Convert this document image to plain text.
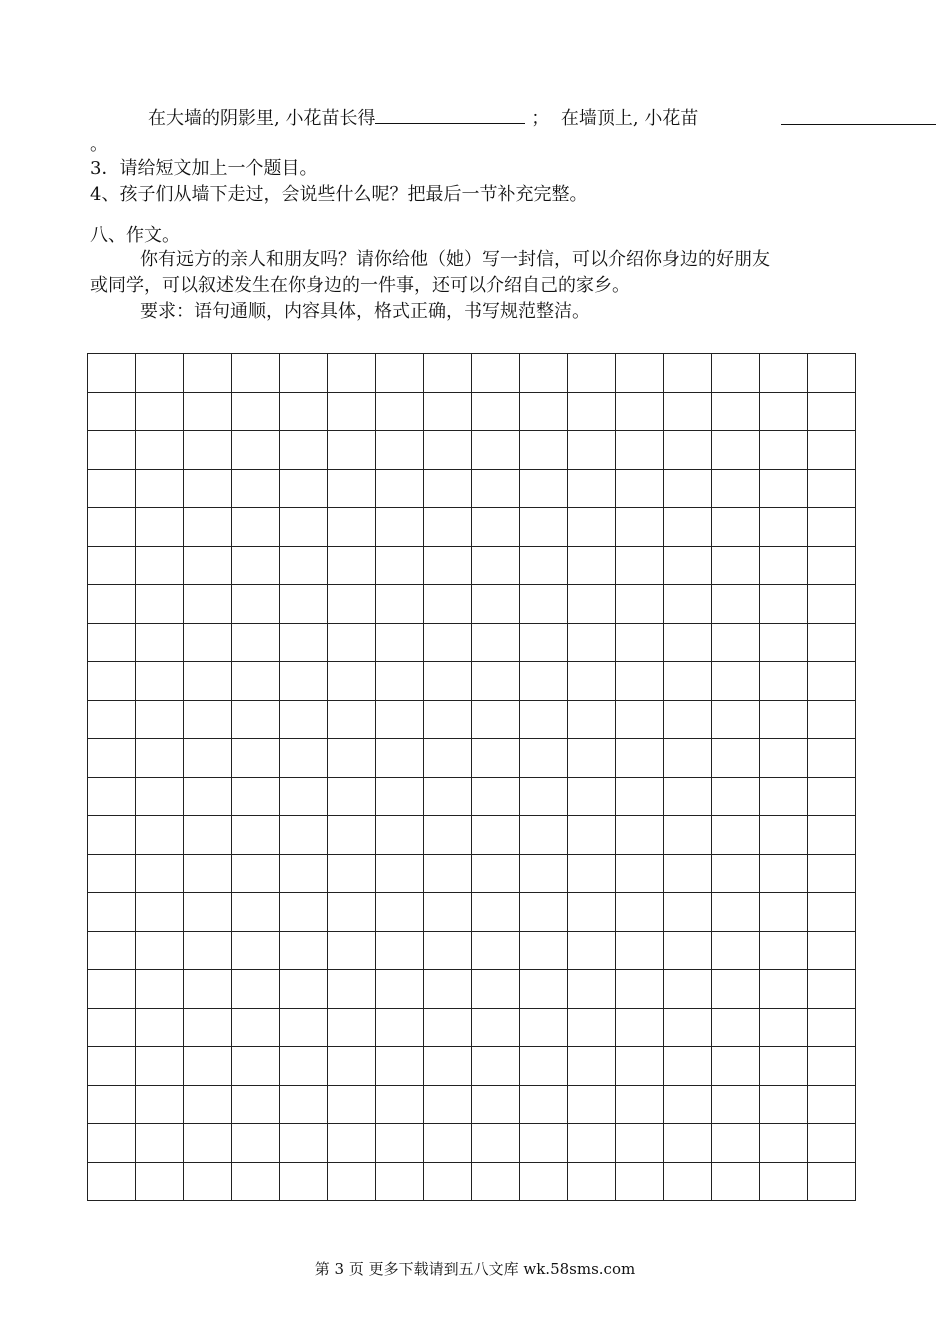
在大墙的阴影里, 小花苗长得	； 在墙顶上, 小花苗
。
3．请给短文加上一个题目。
4、孩子们从墙下走过，会说些什么呢？把最后一节补充完整。
八、作文。
你有远方的亲人和朋友吗？请你给他（她）写一封信，可以介绍你身边的好朋友
或同学，可以叙述发生在你身边的一件事，还可以介绍自己的家乡。
要求：语句通顺，内容具体，格式正确，书写规范整洁。
第 3 页 更多下载请到五八文库 wk.58sms.com
